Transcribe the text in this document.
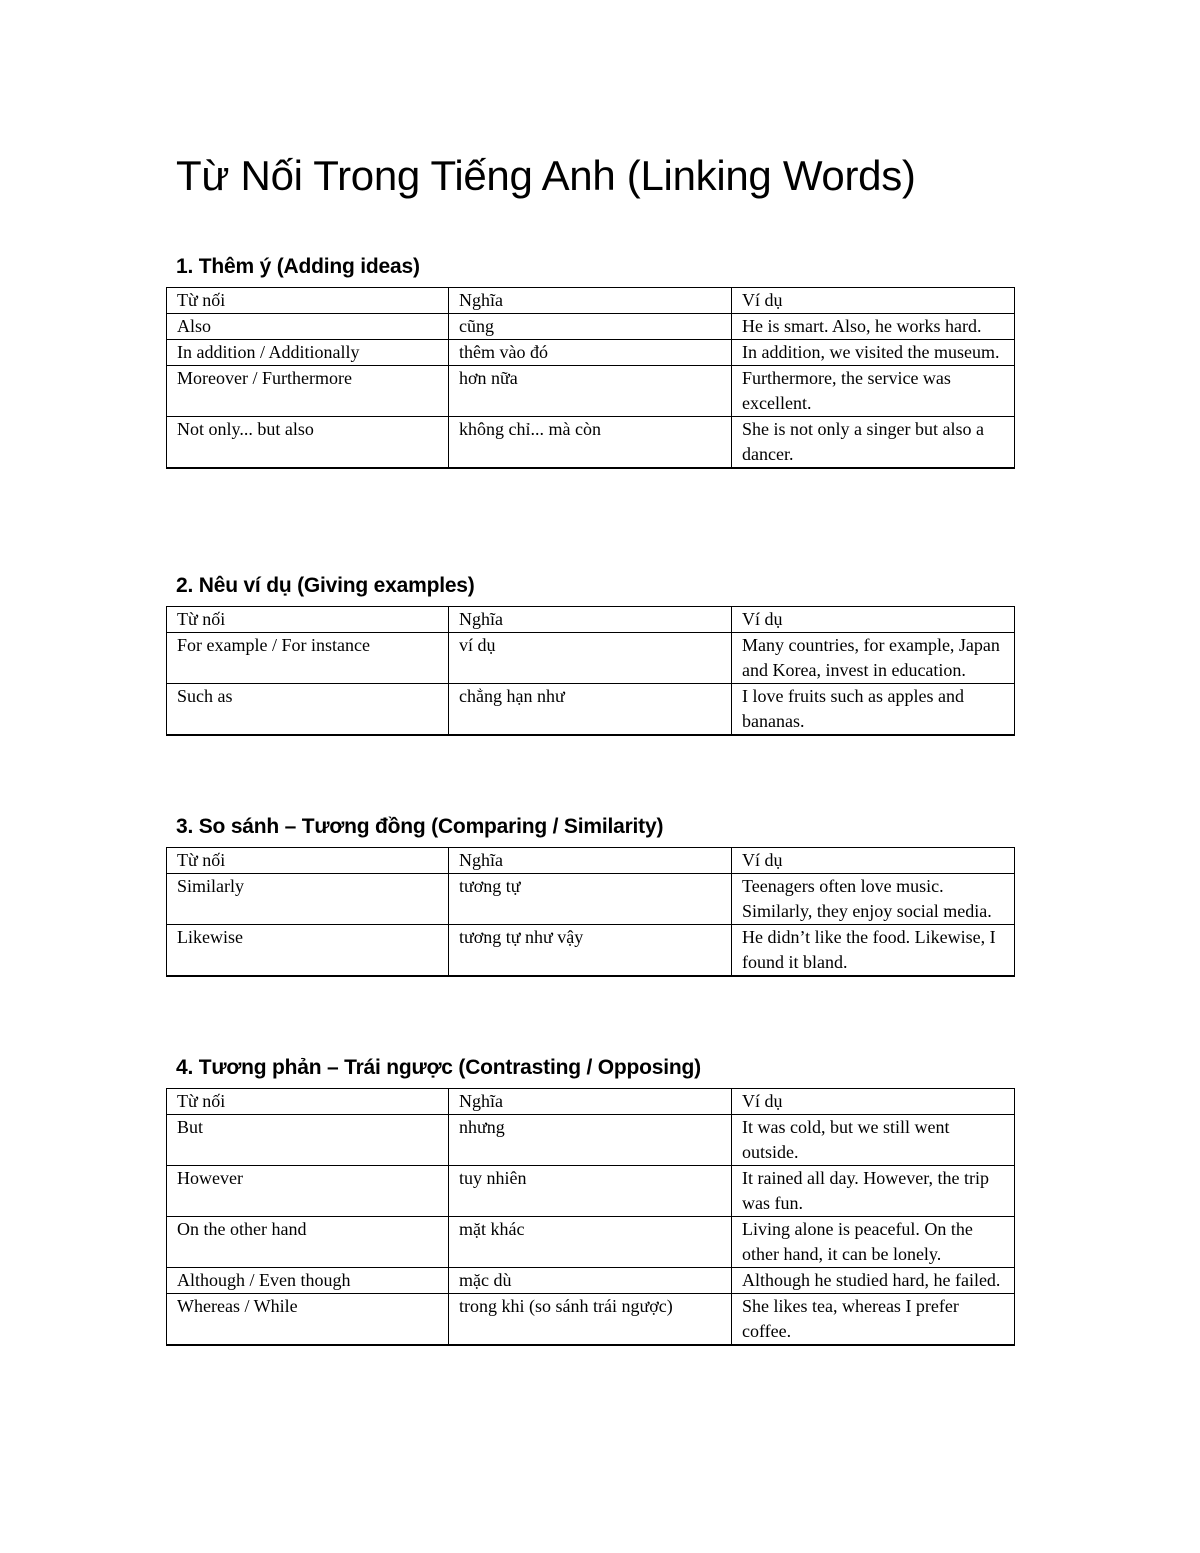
Từ Nối Trong Tiếng Anh (Linking Words)
1. Thêm ý (Adding ideas)
Từ nối	Nghĩa	Ví dụ
Also	cũng	He is smart. Also, he works hard.
In addition / Additionally	thêm vào đó	In addition, we visited the museum.
Moreover / Furthermore	hơn nữa	Furthermore, the service was excellent.
Not only... but also	không chỉ... mà còn	She is not only a singer but also a dancer.
2. Nêu ví dụ (Giving examples)
Từ nối	Nghĩa	Ví dụ
For example / For instance	ví dụ	Many countries, for example, Japan and Korea, invest in education.
Such as	chẳng hạn như	I love fruits such as apples and bananas.
3. So sánh – Tương đồng (Comparing / Similarity)
Từ nối	Nghĩa	Ví dụ
Similarly	tương tự	Teenagers often love music. Similarly, they enjoy social media.
Likewise	tương tự như vậy	He didn’t like the food. Likewise, I found it bland.
4. Tương phản – Trái ngược (Contrasting / Opposing)
Từ nối	Nghĩa	Ví dụ
But	nhưng	It was cold, but we still went outside.
However	tuy nhiên	It rained all day. However, the trip was fun.
On the other hand	mặt khác	Living alone is peaceful. On the other hand, it can be lonely.
Although / Even though	mặc dù	Although he studied hard, he failed.
Whereas / While	trong khi (so sánh trái ngược)	She likes tea, whereas I prefer coffee.
